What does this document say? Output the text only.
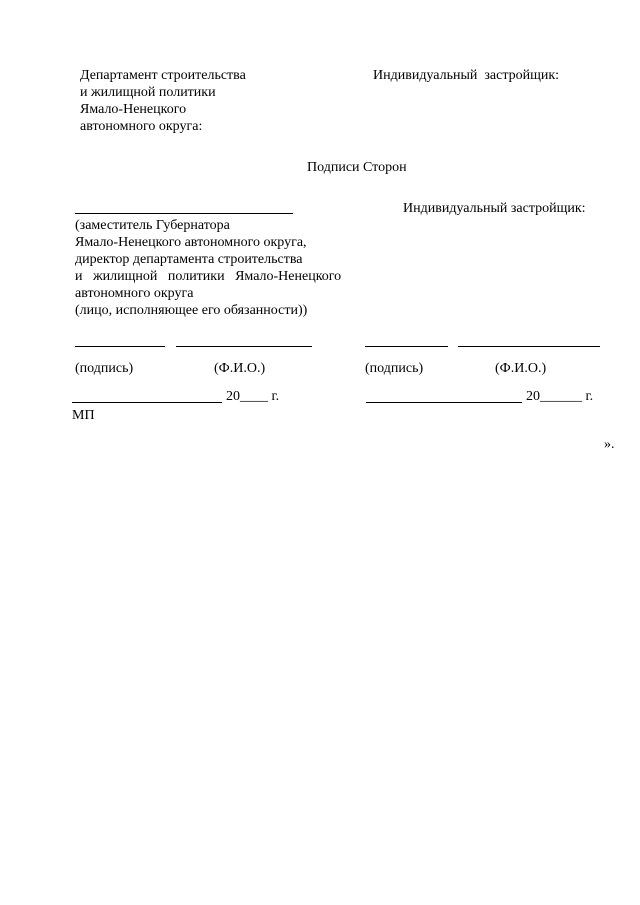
Департамент строительства
и жилищной политики
Ямало-Ненецкого
автономного округа:
Индивидуальный  застройщик:
Подписи Сторон
Индивидуальный застройщик:
(заместитель Губернатора
Ямало-Ненецкого автономного округа,
директор департамента строительства
и   жилищной   политики   Ямало-Ненецкого
автономного округа
(лицо, исполняющее его обязанности))
(подпись)	(Ф.И.О.)	(подпись)	(Ф.И.О.)
20____ г.	20______ г.
МП
».
